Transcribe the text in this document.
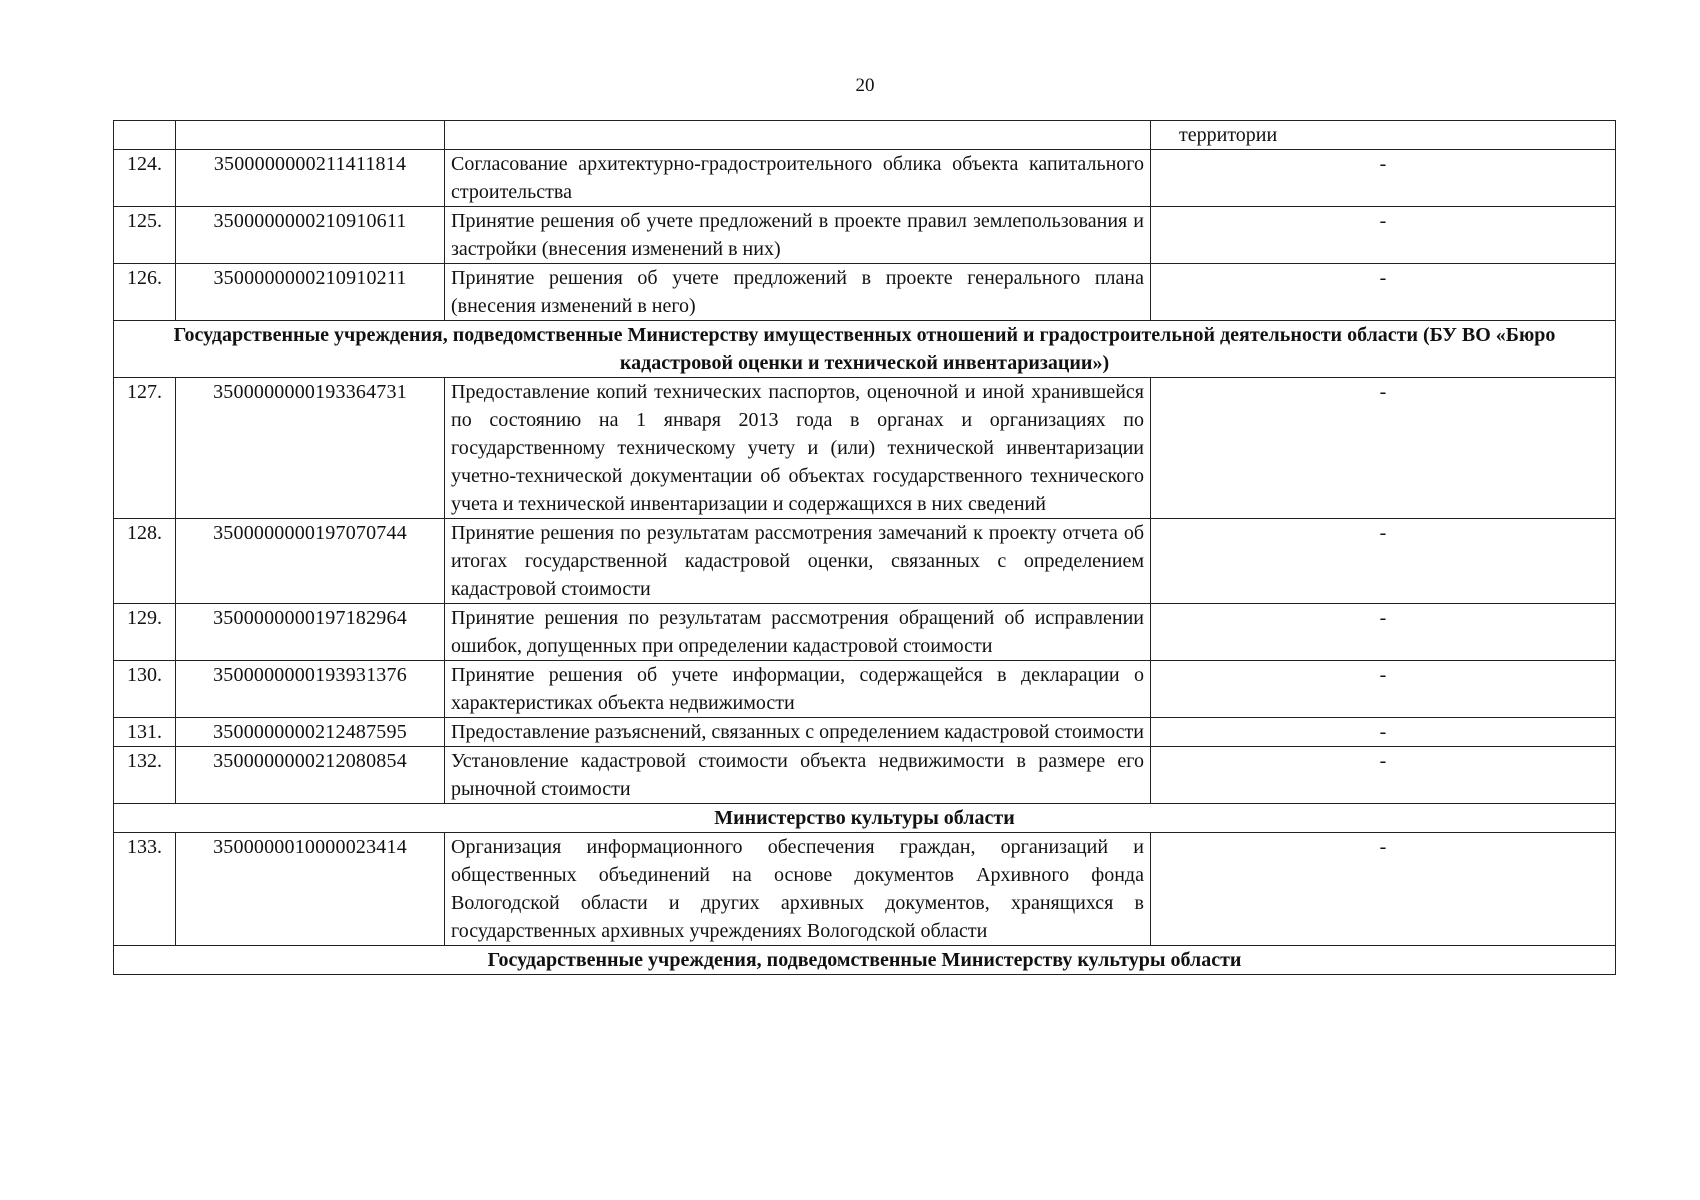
20
			территории
124.	3500000000211411814	Согласование архитектурно-градостроительного облика объекта капитального строительства	-
125.	3500000000210910611	Принятие решения об учете предложений в проекте правил землепользования и застройки (внесения изменений в них)	-
126.	3500000000210910211	Принятие решения об учете предложений в проекте генерального плана (внесения изменений в него)	-
Государственные учреждения, подведомственные Министерству имущественных отношений и градостроительной деятельности области (БУ ВО «Бюро кадастровой оценки и технической инвентаризации»)			
127.	3500000000193364731	Предоставление копий технических паспортов, оценочной и иной хранившейся по состоянию на 1 января 2013 года в органах и организациях по государственному техническому учету и (или) технической инвентаризации учетно-технической документации об объектах государственного технического учета и технической инвентаризации и содержащихся в них сведений	-
128.	3500000000197070744	Принятие решения по результатам рассмотрения замечаний к проекту отчета об итогах государственной кадастровой оценки, связанных с определением кадастровой стоимости	-
129.	3500000000197182964	Принятие решения по результатам рассмотрения обращений об исправлении ошибок, допущенных при определении кадастровой стоимости	-
130.	3500000000193931376	Принятие решения об учете информации, содержащейся в декларации о характеристиках объекта недвижимости	-
131.	3500000000212487595	Предоставление разъяснений, связанных с определением кадастровой стоимости	-
132.	3500000000212080854	Установление кадастровой стоимости объекта недвижимости в размере его рыночной стоимости	-
Министерство культуры области			
133.	3500000010000023414	Организация информационного обеспечения граждан, организаций и общественных объединений на основе документов Архивного фонда Вологодской области и других архивных документов, хранящихся в государственных архивных учреждениях Вологодской области	-
Государственные учреждения, подведомственные Министерству культуры области			
